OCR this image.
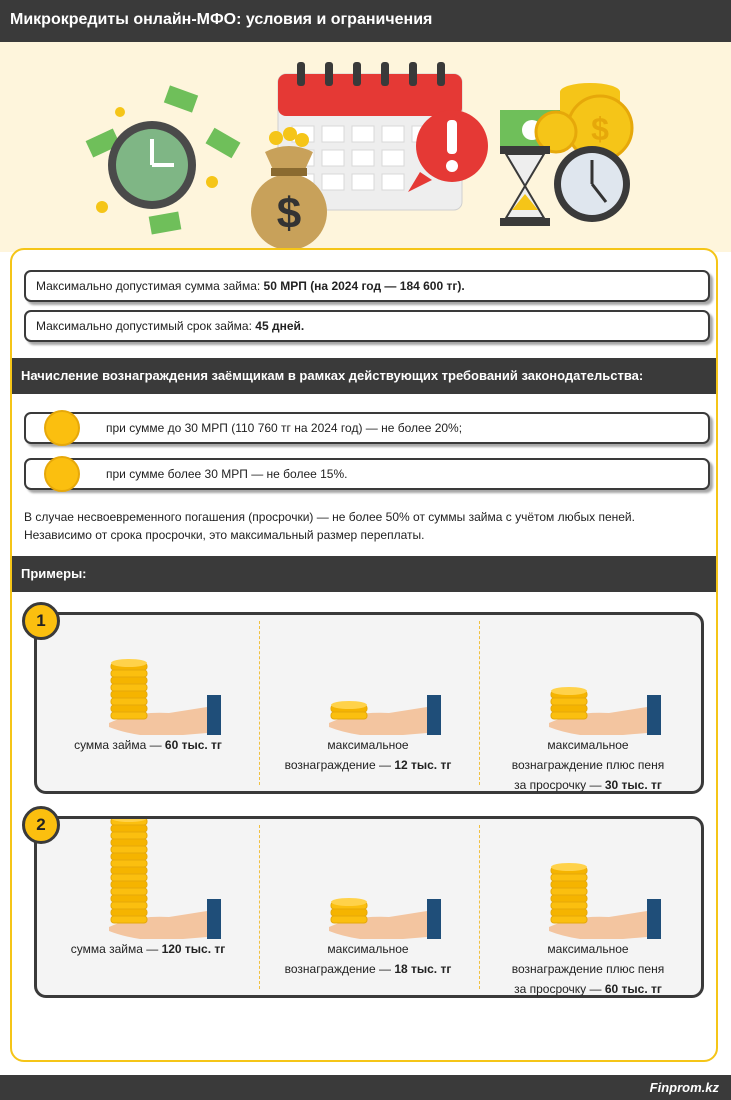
Микрокредиты онлайн-МФО: условия и ограничения
$
$
Максимально допустимая сумма займа: 50 МРП (на 2024 год — 184 600 тг).
Максимально допустимый срок займа: 45 дней.
Начисление вознаграждения заёмщикам в рамках действующих требований законодательства:
при сумме до 30 МРП (110 760 тг на 2024 год) — не более 20%;
при сумме более 30 МРП — не более 15%.
В случае несвоевременного погашения (просрочки) — не более 50% от суммы займа с учётом любых пеней. Независимо от срока просрочки, это максимальный размер переплаты.
Примеры:
сумма займа — 60 тыс. тг	максимальное
вознаграждение — 12 тыс. тг
максимальное
вознаграждение плюс пеня
за просрочку — 30 тыс. тг
1
сумма займа — 120 тыс. тг	максимальное
вознаграждение — 18 тыс. тг
максимальное
вознаграждение плюс пеня
за просрочку — 60 тыс. тг
2
Finprom.kz
